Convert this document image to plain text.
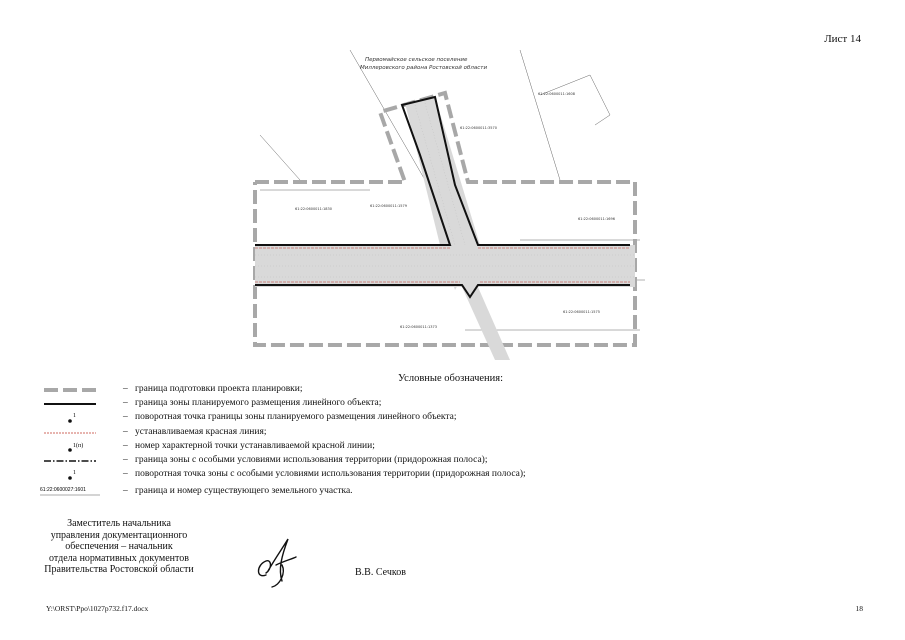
Лист 14
Первомайское сельское поселение
Миллеровского района Ростовской области
61:22:0600011:1608
61:22:0600011:3570
61:22:0600011:1830
61:22:0600011:1579
61:22:0600011:1696
61:22:0600011:1373
61:22:0600011:1575
Условные обозначения:
– граница подготовки проекта планировки;
– граница зоны планируемого размещения линейного объекта;
1	– поворотная точка границы зоны планируемого размещения линейного объекта;
– устанавливаемая красная линия;
1(п)	– номер характерной точки устанавливаемой красной линии;
– граница зоны с особыми условиями использования территории (придорожная полоса);
1	– поворотная точка зоны с особыми условиями использования территории (придорожная полоса);
61:22:0600027:1601	– граница и номер существующего земельного участка.
Заместитель начальника
управления документационного
обеспечения – начальник
отдела нормативных документов
Правительства Ростовской области	В.В. Сечков
Y:\ORST\Ppo\1027p732.f17.docx	18
